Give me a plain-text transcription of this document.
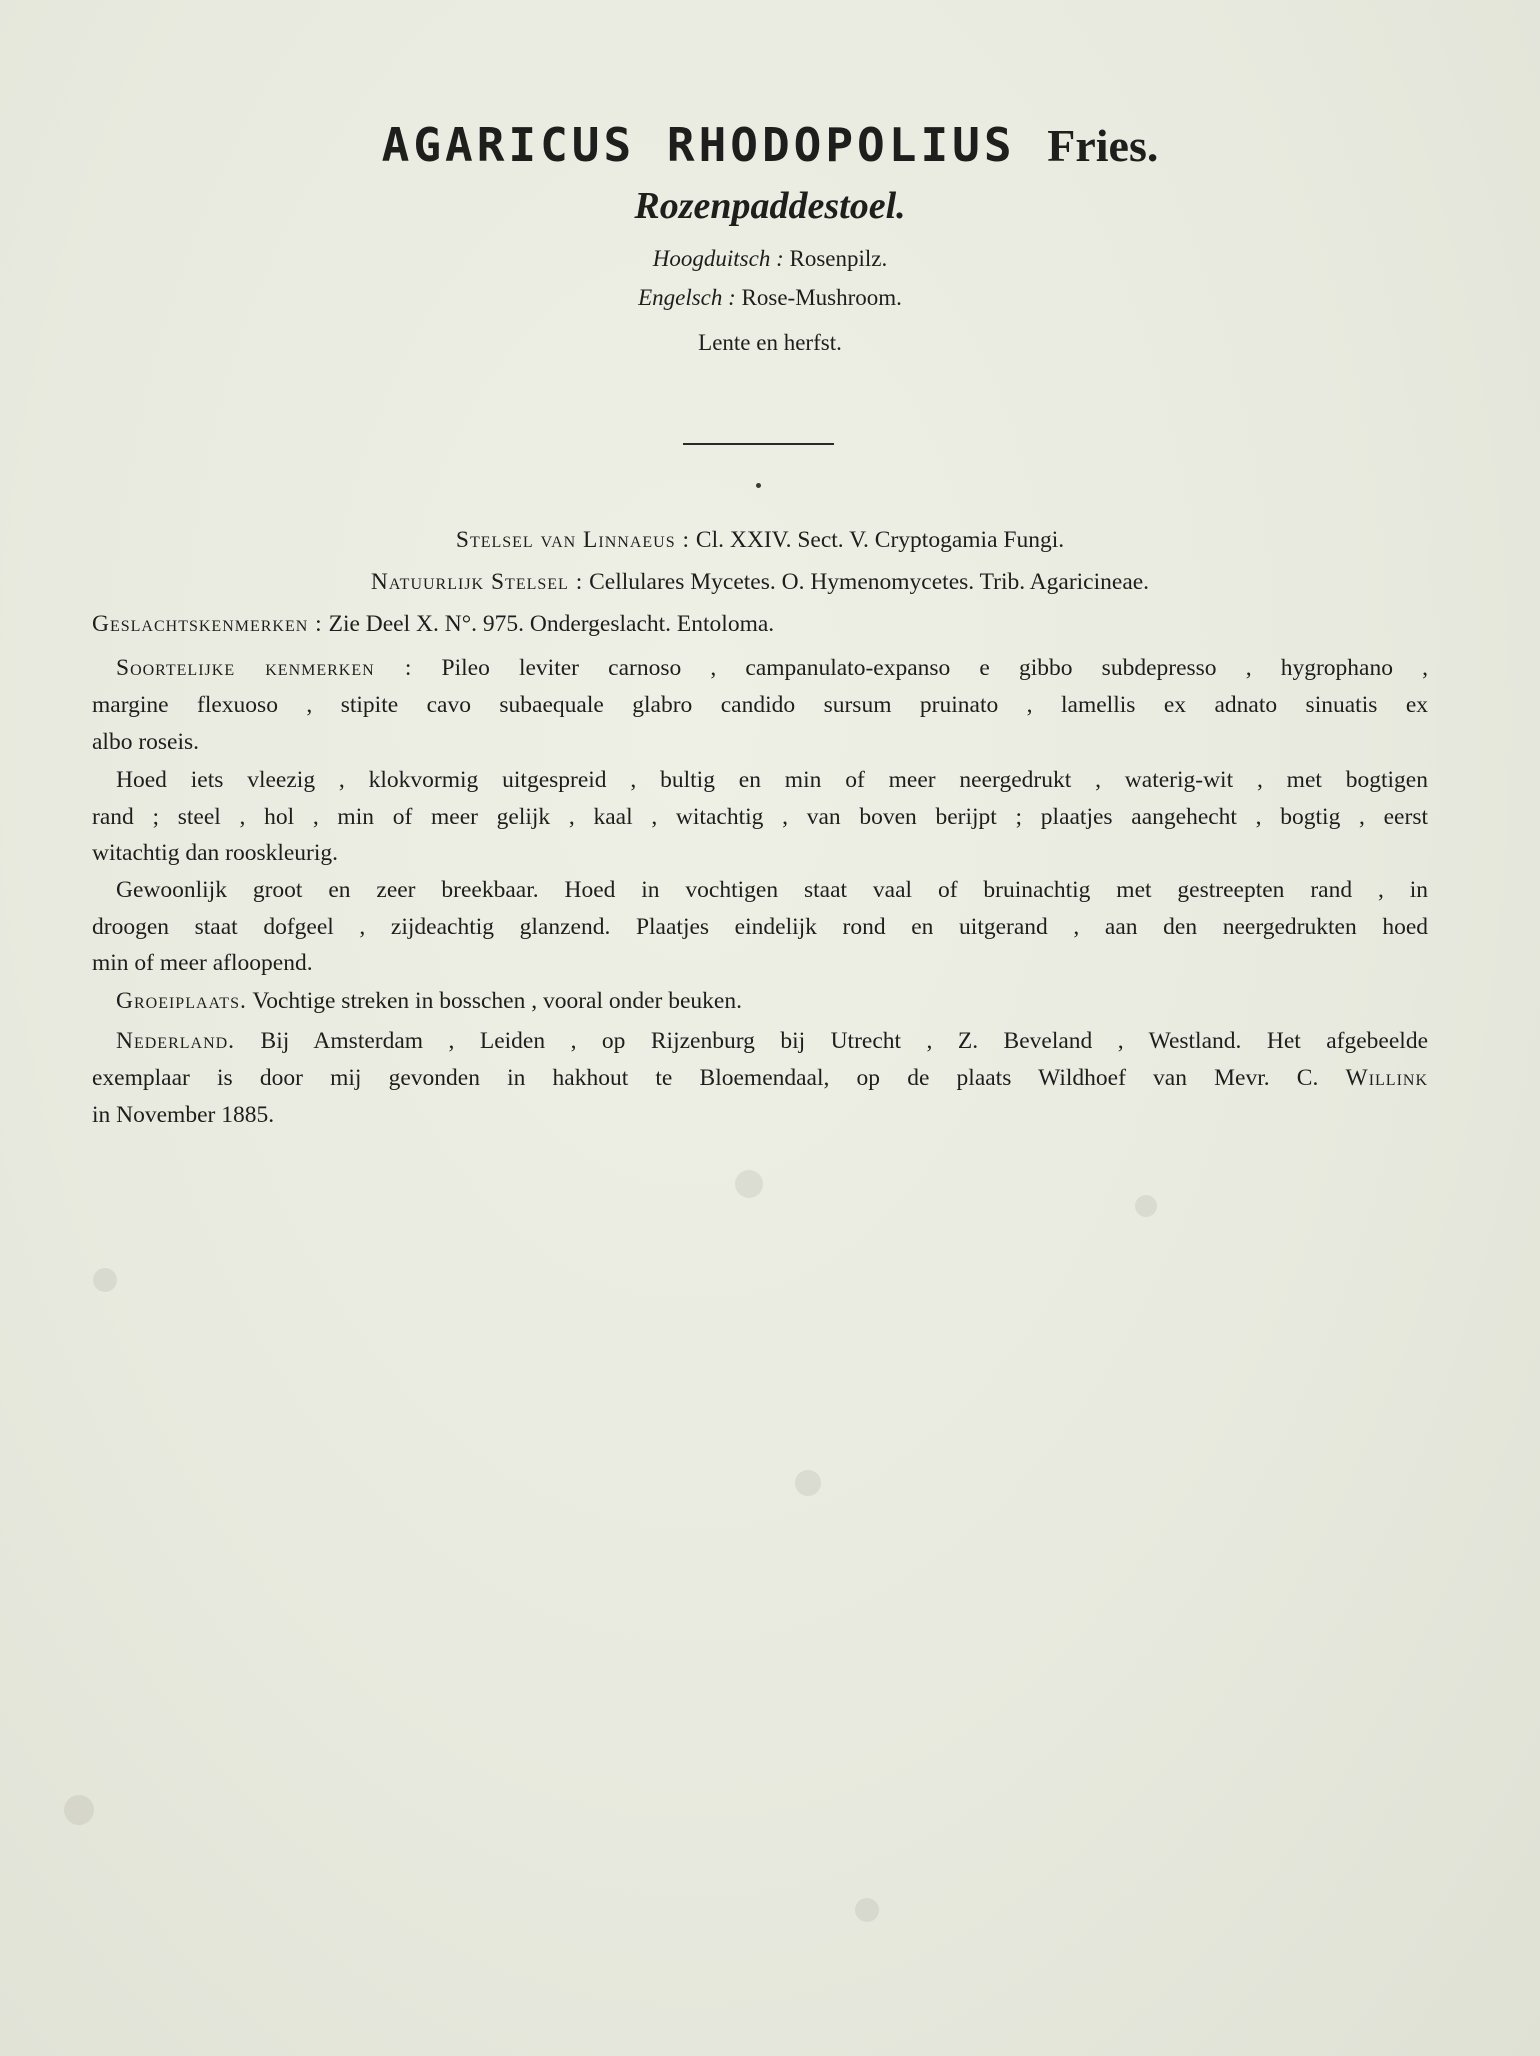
AGARICUS RHODOPOLIUS Fries.
Rozenpaddestoel.
Hoogduitsch : Rosenpilz.
Engelsch : Rose-Mushroom.
Lente en herfst.
Stelsel van Linnaeus : Cl. XXIV. Sect. V. Cryptogamia Fungi.
Natuurlijk Stelsel : Cellulares Mycetes. O. Hymenomycetes. Trib. Agaricineae.
Geslachtskenmerken : Zie Deel X. N°. 975. Ondergeslacht. Entoloma.
Soortelijke kenmerken : Pileo leviter carnoso , campanulato-expanso e gibbo subdepresso , hygrophano ,
margine flexuoso , stipite cavo subaequale glabro candido sursum pruinato , lamellis ex adnato sinuatis ex
albo roseis.
Hoed iets vleezig , klokvormig uitgespreid , bultig en min of meer neergedrukt , waterig-wit , met bogtigen
rand ; steel , hol , min of meer gelijk , kaal , witachtig , van boven berijpt ; plaatjes aangehecht , bogtig , eerst
witachtig dan rooskleurig.
Gewoonlijk groot en zeer breekbaar. Hoed in vochtigen staat vaal of bruinachtig met gestreepten rand , in
droogen staat dofgeel , zijdeachtig glanzend. Plaatjes eindelijk rond en uitgerand , aan den neergedrukten hoed
min of meer afloopend.
Groeiplaats. Vochtige streken in bosschen , vooral onder beuken.
Nederland. Bij Amsterdam , Leiden , op Rijzenburg bij Utrecht , Z. Beveland , Westland. Het afgebeelde
exemplaar is door mij gevonden in hakhout te Bloemendaal, op de plaats Wildhoef van Mevr. C. Willink
in November 1885.
